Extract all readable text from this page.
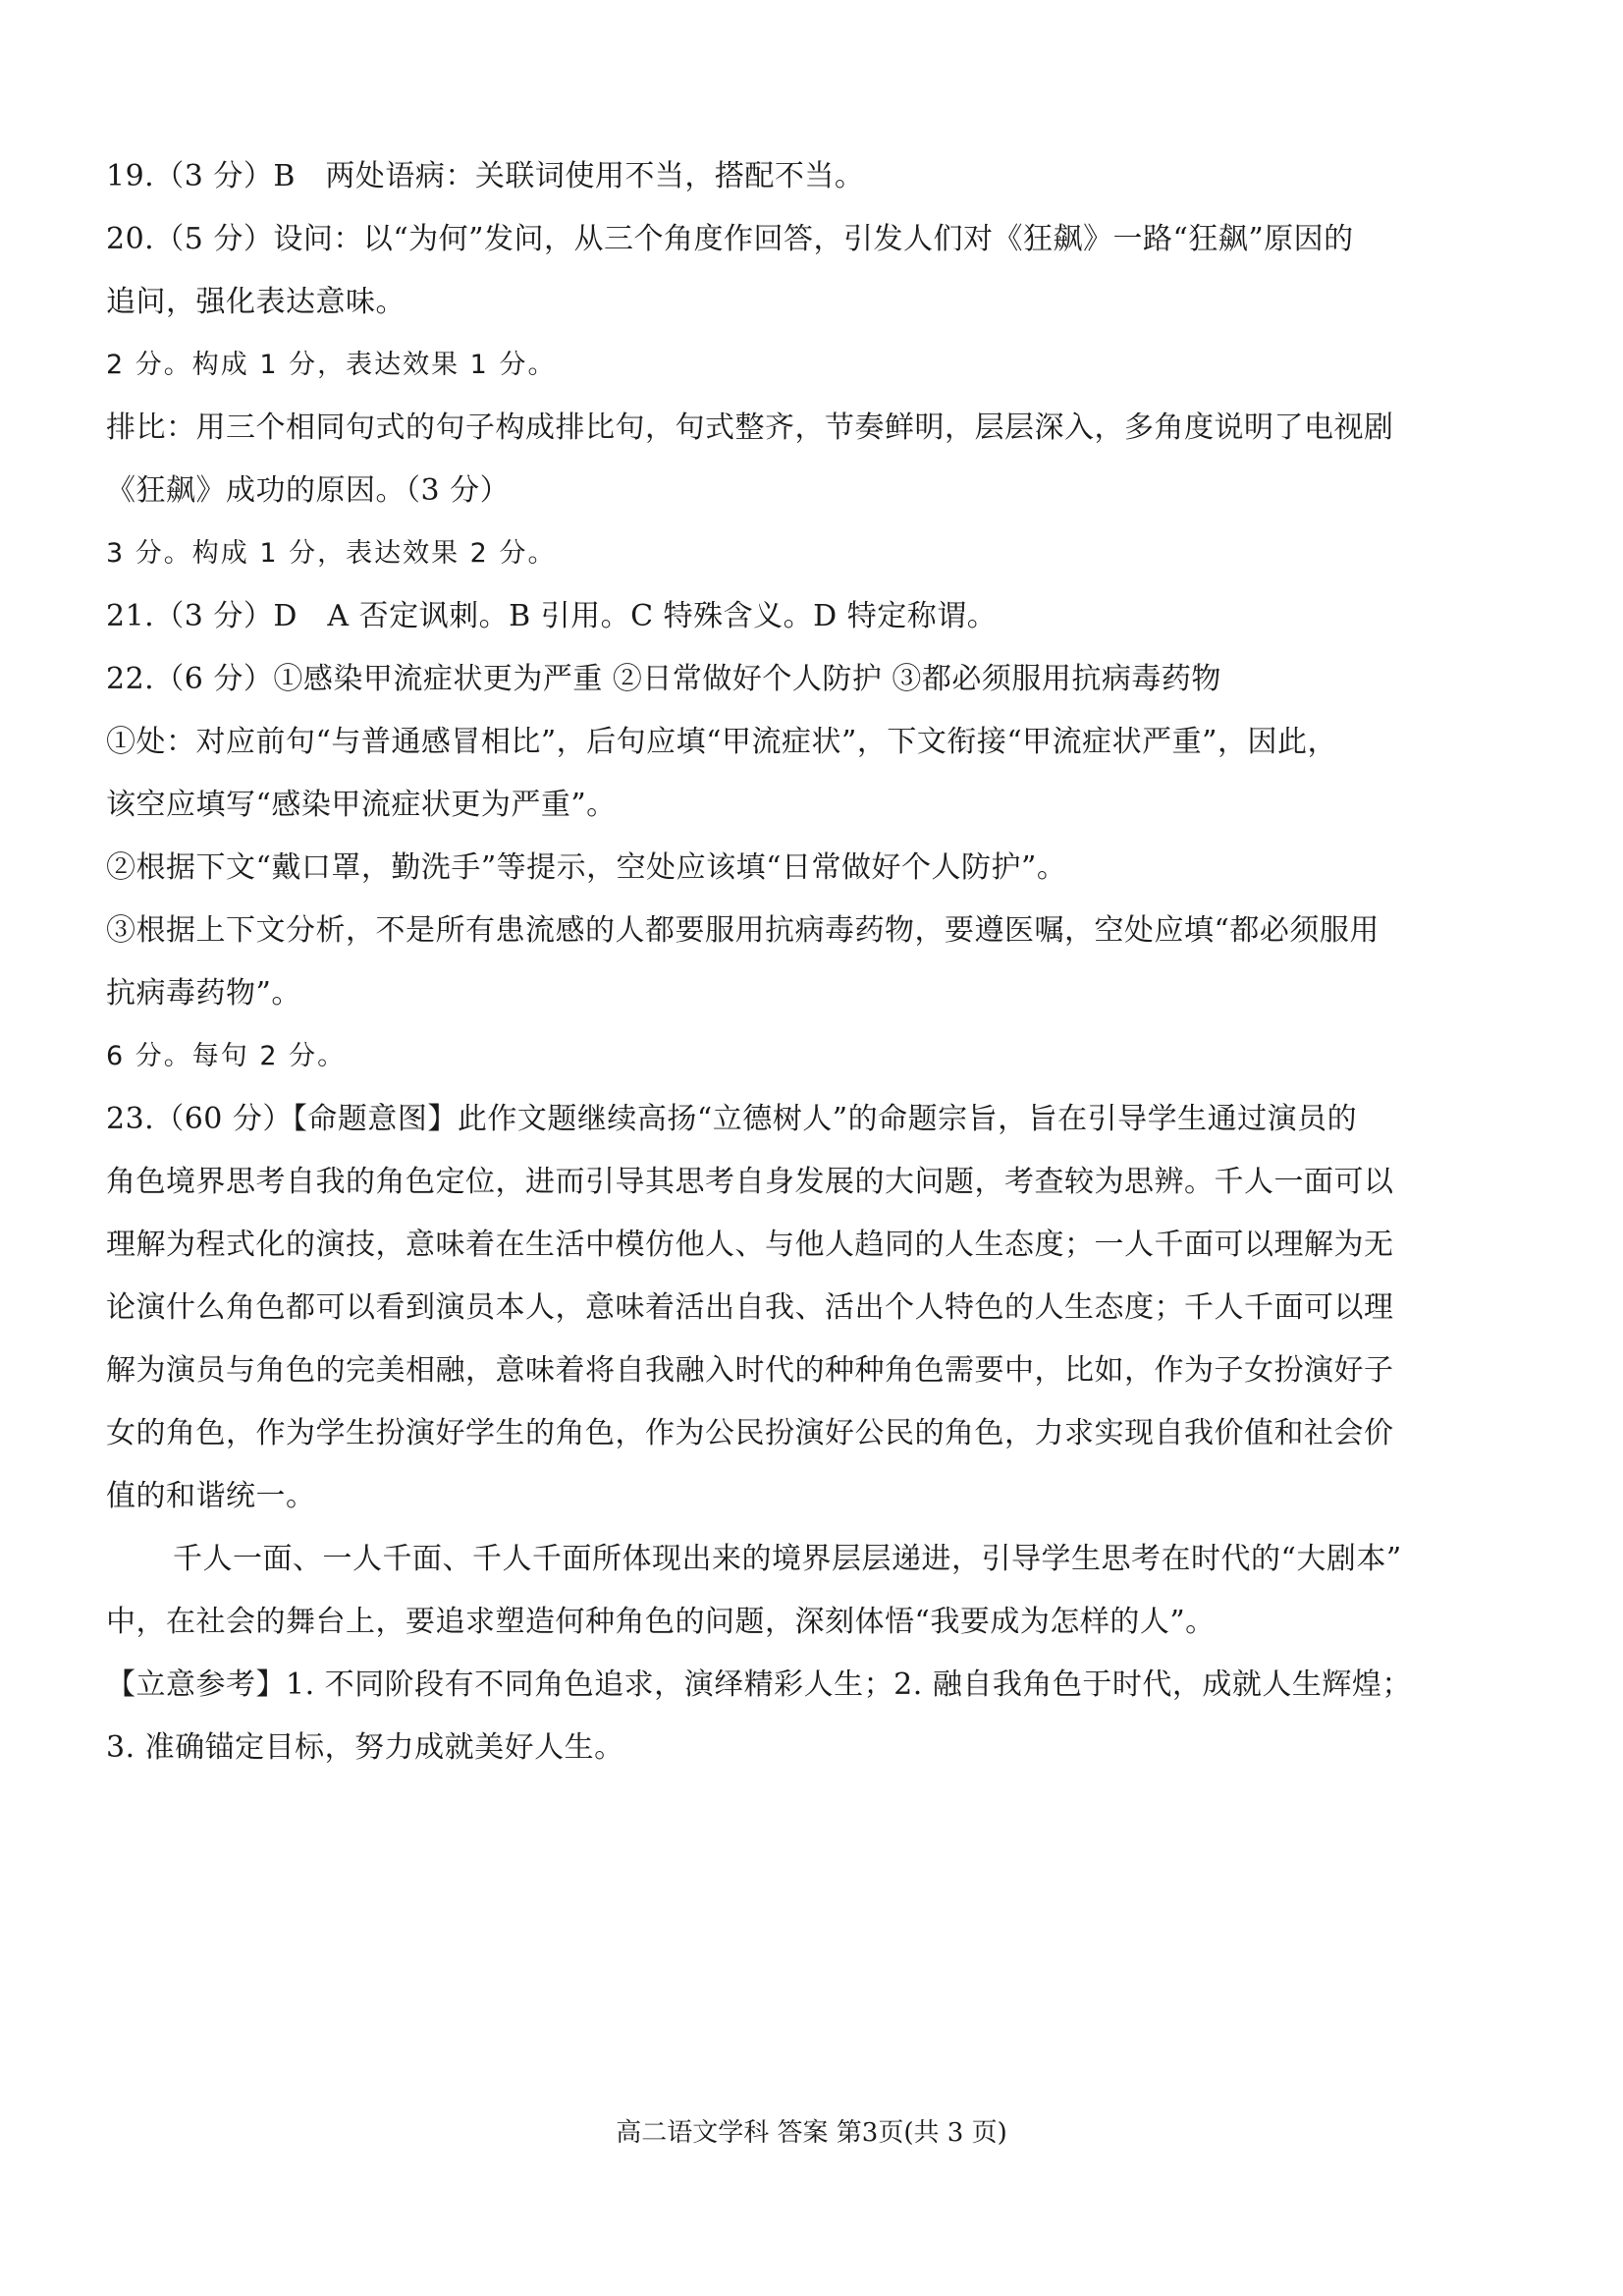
19.（3 分）B　两处语病：关联词使用不当，搭配不当。
20.（5 分）设问：以“为何”发问，从三个角度作回答，引发人们对《狂飙》一路“狂飙”原因的
追问，强化表达意味。
2 分。构成 1 分，表达效果 1 分。
排比：用三个相同句式的句子构成排比句，句式整齐，节奏鲜明，层层深入，多角度说明了电视剧
《狂飙》成功的原因。（3 分）
3 分。构成 1 分，表达效果 2 分。
21.（3 分）D　A 否定讽刺。B 引用。C 特殊含义。D 特定称谓。
22.（6 分）①感染甲流症状更为严重 ②日常做好个人防护 ③都必须服用抗病毒药物
①处：对应前句“与普通感冒相比”，后句应填“甲流症状”，下文衔接“甲流症状严重”，因此，
该空应填写“感染甲流症状更为严重”。
②根据下文“戴口罩，勤洗手”等提示，空处应该填“日常做好个人防护”。
③根据上下文分析，不是所有患流感的人都要服用抗病毒药物，要遵医嘱，空处应填“都必须服用
抗病毒药物”。
6 分。每句 2 分。
23.（60 分）【命题意图】此作文题继续高扬“立德树人”的命题宗旨，旨在引导学生通过演员的
角色境界思考自我的角色定位，进而引导其思考自身发展的大问题，考查较为思辨。千人一面可以
理解为程式化的演技，意味着在生活中模仿他人、与他人趋同的人生态度；一人千面可以理解为无
论演什么角色都可以看到演员本人，意味着活出自我、活出个人特色的人生态度；千人千面可以理
解为演员与角色的完美相融，意味着将自我融入时代的种种角色需要中，比如，作为子女扮演好子
女的角色，作为学生扮演好学生的角色，作为公民扮演好公民的角色，力求实现自我价值和社会价
值的和谐统一。
千人一面、一人千面、千人千面所体现出来的境界层层递进，引导学生思考在时代的“大剧本”
中，在社会的舞台上，要追求塑造何种角色的问题，深刻体悟“我要成为怎样的人”。
【立意参考】1. 不同阶段有不同角色追求，演绎精彩人生；2. 融自我角色于时代，成就人生辉煌；
3. 准确锚定目标，努力成就美好人生。
高二语文学科 答案 第3页(共 3 页)
